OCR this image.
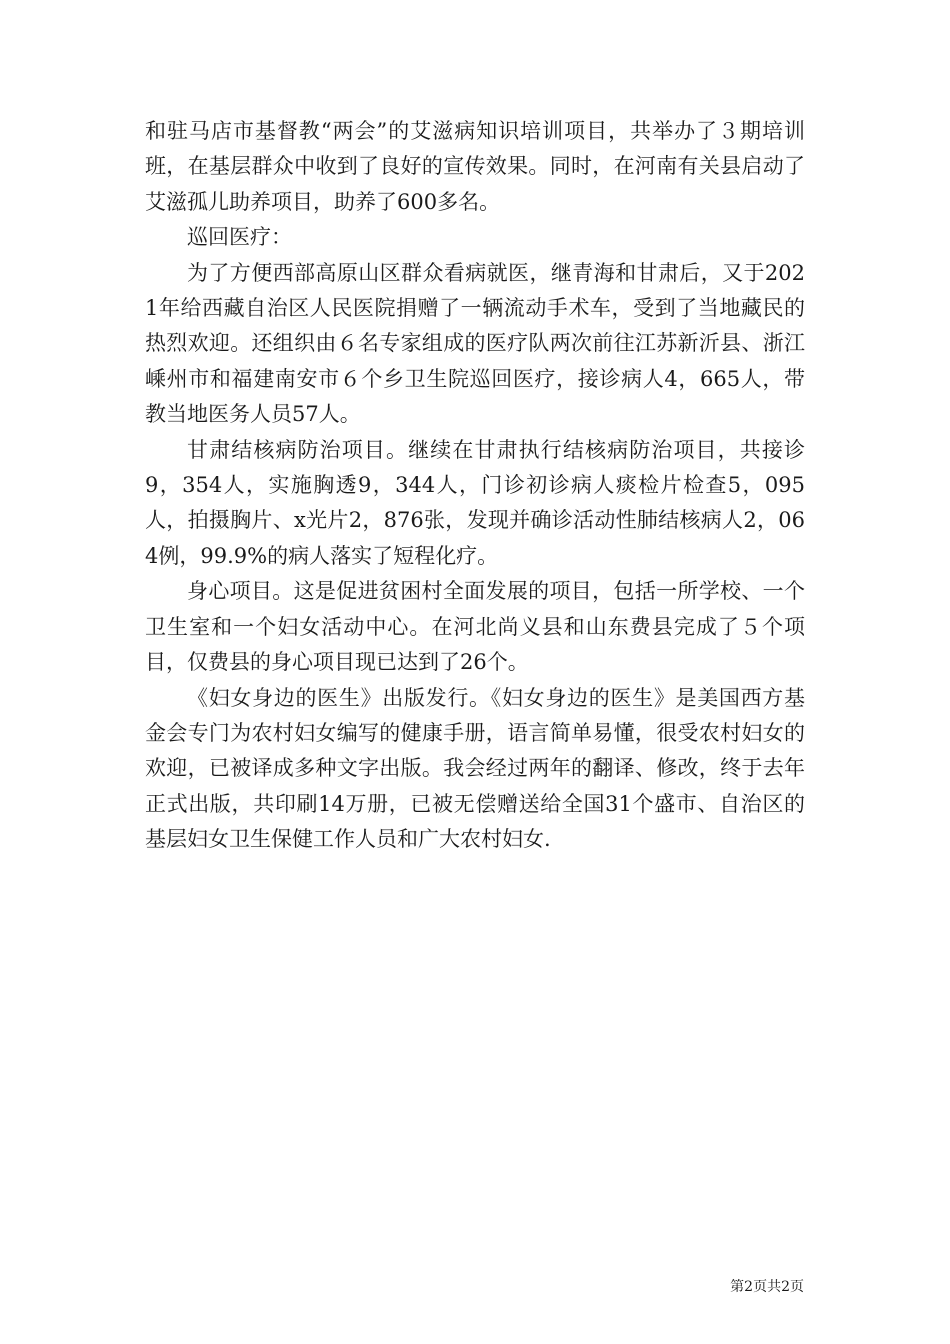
和驻马店市基督教“两会”的艾滋病知识培训项目，共举办了３期培训班，在基层群众中收到了良好的宣传效果。同时，在河南有关县启动了艾滋孤儿助养项目，助养了600多名。

巡回医疗：

为了方便西部高原山区群众看病就医，继青海和甘肃后，又于2021年给西藏自治区人民医院捐赠了一辆流动手术车，受到了当地藏民的热烈欢迎。还组织由６名专家组成的医疗队两次前往江苏新沂县、浙江嵊州市和福建南安市６个乡卫生院巡回医疗，接诊病人4，665人，带教当地医务人员57人。

甘肃结核病防治项目。继续在甘肃执行结核病防治项目，共接诊9，354人，实施胸透9，344人，门诊初诊病人痰检片检查5，095人，拍摄胸片、x光片2，876张，发现并确诊活动性肺结核病人2，064例，99.9%的病人落实了短程化疗。

身心项目。这是促进贫困村全面发展的项目，包括一所学校、一个卫生室和一个妇女活动中心。在河北尚义县和山东费县完成了５个项目，仅费县的身心项目现已达到了26个。

《妇女身边的医生》出版发行。《妇女身边的医生》是美国西方基金会专门为农村妇女编写的健康手册，语言简单易懂，很受农村妇女的欢迎，已被译成多种文字出版。我会经过两年的翻译、修改，终于去年正式出版，共印刷14万册，已被无偿赠送给全国31个盛市、自治区的基层妇女卫生保健工作人员和广大农村妇女.

第2页共2页
